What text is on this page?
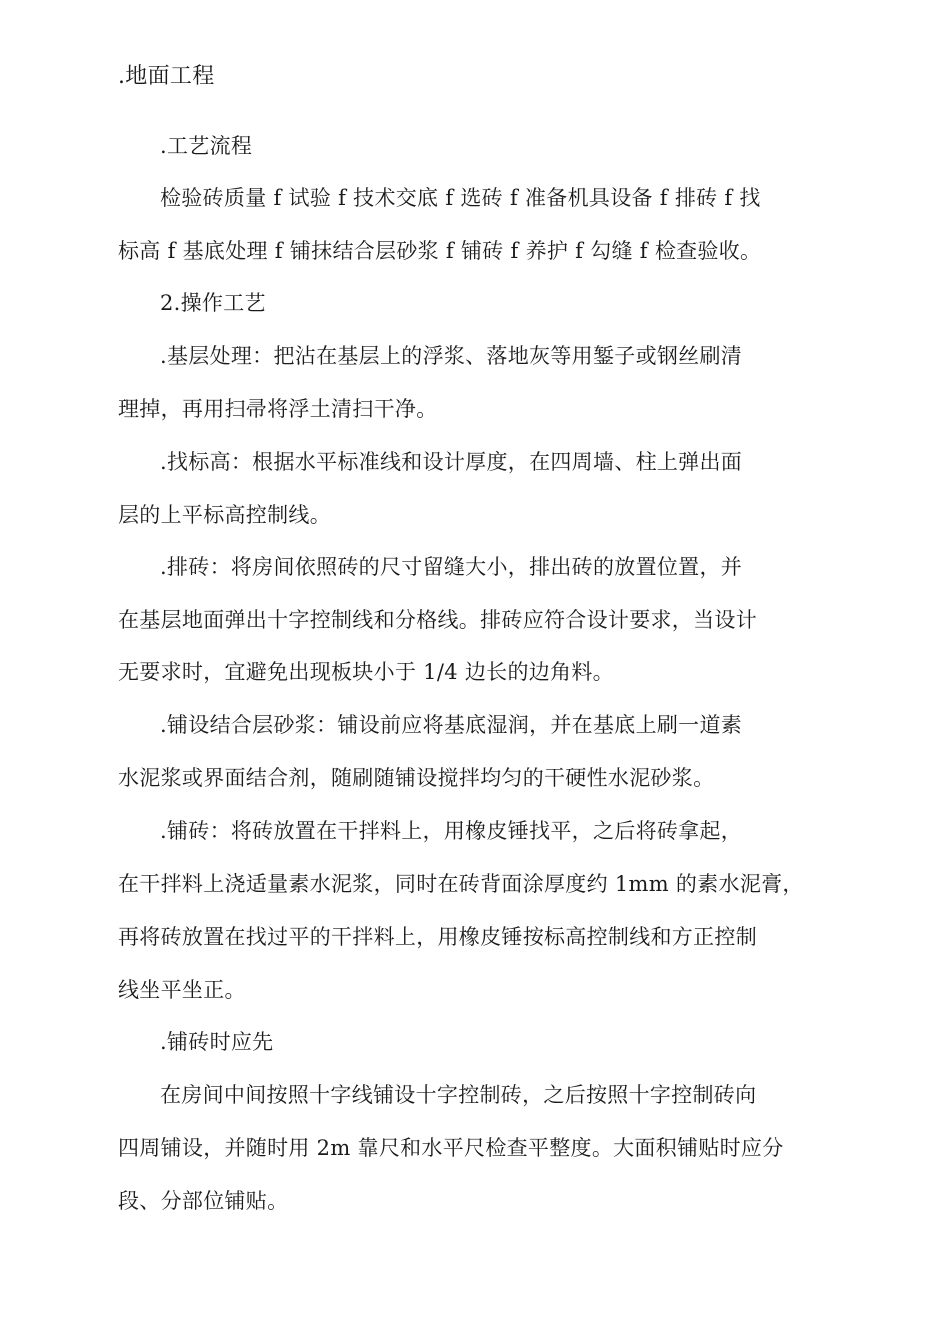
.地面工程
.工艺流程
检验砖质量 f 试验 f 技术交底 f 选砖 f 准备机具设备 f 排砖 f 找
标高 f 基底处理 f 铺抹结合层砂浆 f 铺砖 f 养护 f 勾缝 f 检查验收。
2.操作工艺
.基层处理：把沾在基层上的浮浆、落地灰等用錾子或钢丝刷清
理掉，再用扫帚将浮土清扫干净。
.找标高：根据水平标准线和设计厚度，在四周墙、柱上弹出面
层的上平标高控制线。
.排砖：将房间依照砖的尺寸留缝大小，排出砖的放置位置，并
在基层地面弹出十字控制线和分格线。排砖应符合设计要求，当设计
无要求时，宜避免出现板块小于 1/4 边长的边角料。
.铺设结合层砂浆：铺设前应将基底湿润，并在基底上刷一道素
水泥浆或界面结合剂，随刷随铺设搅拌均匀的干硬性水泥砂浆。
.铺砖：将砖放置在干拌料上，用橡皮锤找平，之后将砖拿起，
在干拌料上浇适量素水泥浆，同时在砖背面涂厚度约 1mm 的素水泥膏，
再将砖放置在找过平的干拌料上，用橡皮锤按标高控制线和方正控制
线坐平坐正。
.铺砖时应先
在房间中间按照十字线铺设十字控制砖，之后按照十字控制砖向
四周铺设，并随时用 2m 靠尺和水平尺检查平整度。大面积铺贴时应分
段、分部位铺贴。
